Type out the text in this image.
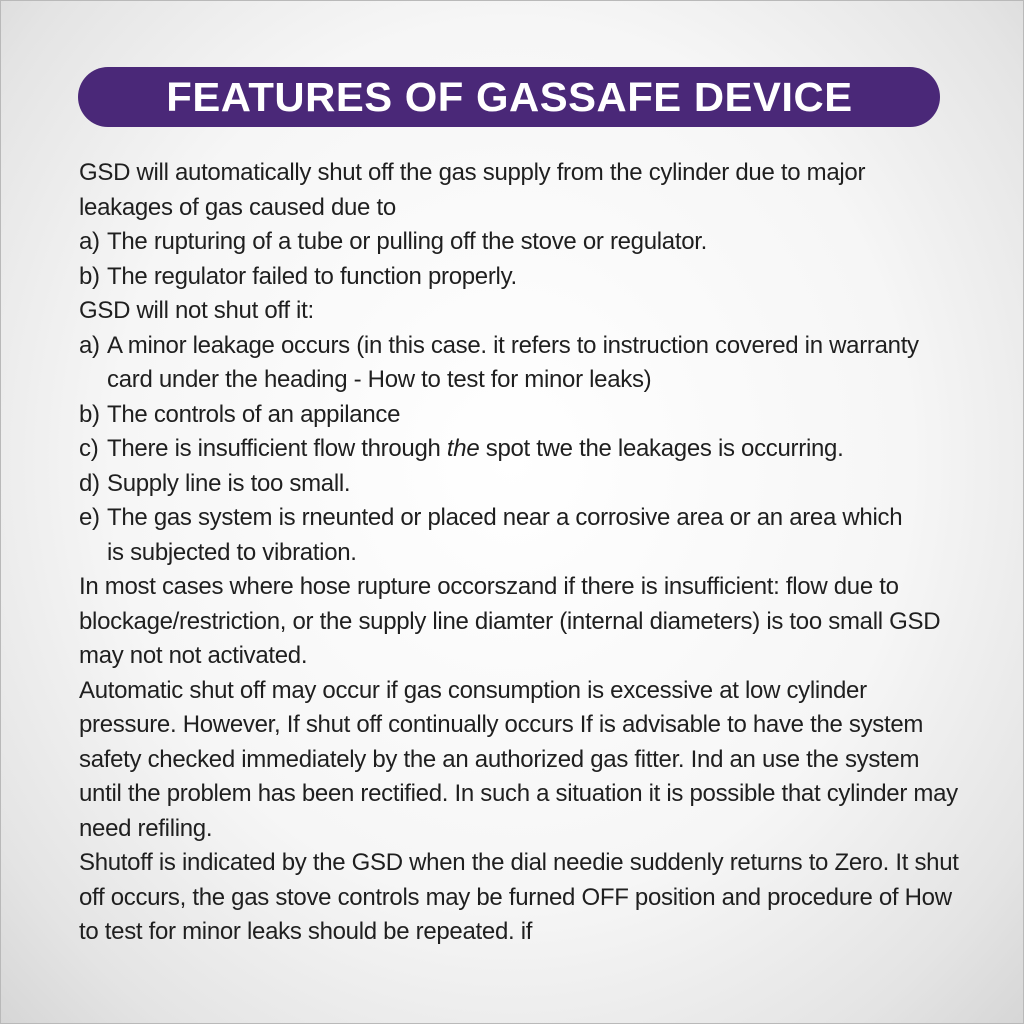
FEATURES OF GASSAFE DEVICE

GSD will automatically shut off the gas supply from the cylinder due to major leakages of gas caused due to

a) The rupturing of a tube or pulling off the stove or regulator.
b) The regulator failed to function properly.

GSD will not shut off it:

a) A minor leakage occurs (in this case. it refers to instruction covered in warranty card under the heading - How to test for minor leaks)
b) The controls of an appilance
c) There is insufficient flow through the spot twe the leakages is occurring.
d) Supply line is too small.
e) The gas system is rneunted or placed near a corrosive area or an area which is subjected to vibration.

In most cases where hose rupture occorszand if there is insufficient: flow due to blockage/restriction, or the supply line diamter (internal diameters) is too small GSD may not not activated.

Automatic shut off may occur if gas consumption is excessive at low cylinder pressure. However, If shut off continually occurs If is advisable to have the system safety checked immediately by the an authorized gas fitter. Ind an use the system until the problem has been rectified. In such a situation it is possible that cylinder may need refiling.

Shutoff is indicated by the GSD when the dial needie suddenly returns to Zero. It shut off occurs, the gas stove controls may be furned OFF position and procedure of How to test for minor leaks should be repeated. if
